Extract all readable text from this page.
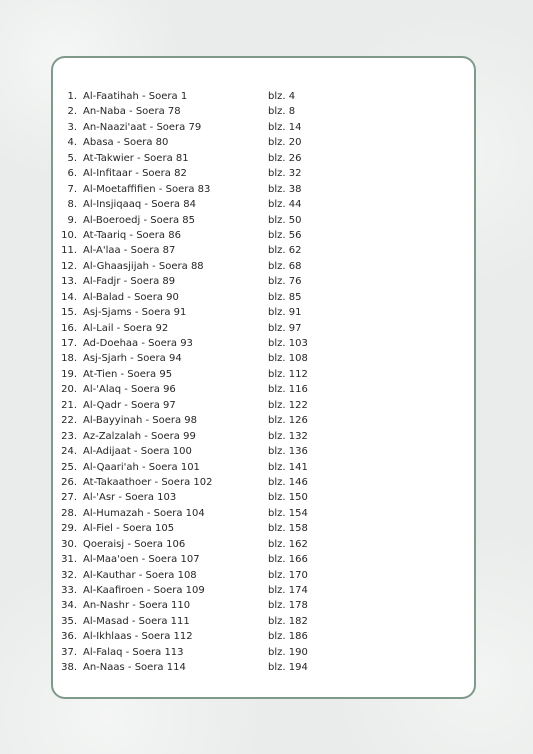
1. Al-Faatihah - Soera 1	blz. 4
2. An-Naba - Soera 78	blz. 8
3. An-Naazi'aat - Soera 79	blz. 14
4. Abasa - Soera 80	blz. 20
5. At-Takwier - Soera 81	blz. 26
6. Al-Infitaar - Soera 82	blz. 32
7. Al-Moetaffifien - Soera 83	blz. 38
8. Al-Insjiqaaq - Soera 84	blz. 44
9. Al-Boeroedj - Soera 85	blz. 50
10. At-Taariq - Soera 86	blz. 56
11. Al-A'laa - Soera 87	blz. 62
12. Al-Ghaasjijah - Soera 88	blz. 68
13. Al-Fadjr - Soera 89	blz. 76
14. Al-Balad - Soera 90	blz. 85
15. Asj-Sjams - Soera 91	blz. 91
16. Al-Lail - Soera 92	blz. 97
17. Ad-Doehaa - Soera 93	blz. 103
18. Asj-Sjarh - Soera 94	blz. 108
19. At-Tien - Soera 95	blz. 112
20. Al-'Alaq - Soera 96	blz. 116
21. Al-Qadr - Soera 97	blz. 122
22. Al-Bayyinah - Soera 98	blz. 126
23. Az-Zalzalah - Soera 99	blz. 132
24. Al-Adijaat - Soera 100	blz. 136
25. Al-Qaari'ah - Soera 101	blz. 141
26. At-Takaathoer - Soera 102	blz. 146
27. Al-'Asr - Soera 103	blz. 150
28. Al-Humazah - Soera 104	blz. 154
29. Al-Fiel - Soera 105	blz. 158
30. Qoeraisj - Soera 106	blz. 162
31. Al-Maa'oen - Soera 107	blz. 166
32. Al-Kauthar - Soera 108	blz. 170
33. Al-Kaafiroen - Soera 109	blz. 174
34. An-Nashr - Soera 110	blz. 178
35. Al-Masad - Soera 111	blz. 182
36. Al-Ikhlaas - Soera 112	blz. 186
37. Al-Falaq - Soera 113	blz. 190
38. An-Naas - Soera 114	blz. 194
